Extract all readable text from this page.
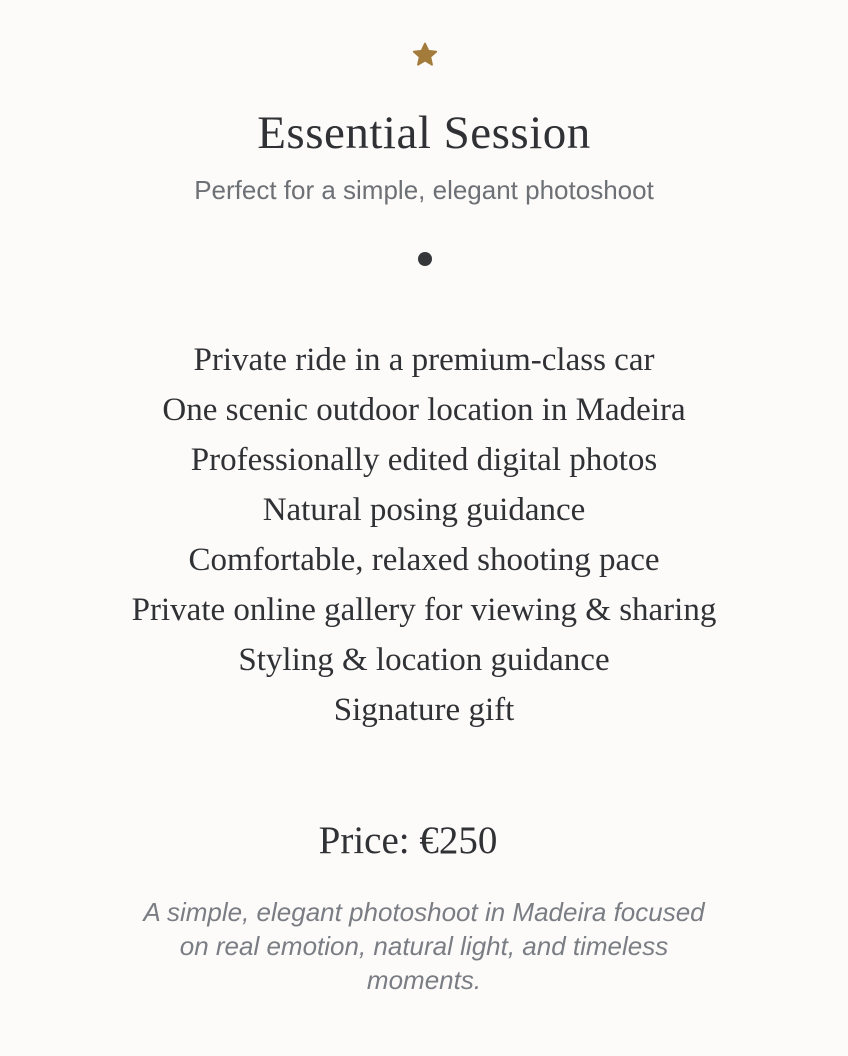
Essential Session
Perfect for a simple, elegant photoshoot
Private ride in a premium-class car
One scenic outdoor location in Madeira
Professionally edited digital photos
Natural posing guidance
Comfortable, relaxed shooting pace
Private online gallery for viewing & sharing
Styling & location guidance
Signature gift
Price: €250
A simple, elegant photoshoot in Madeira focused on real emotion, natural light, and timeless moments.
